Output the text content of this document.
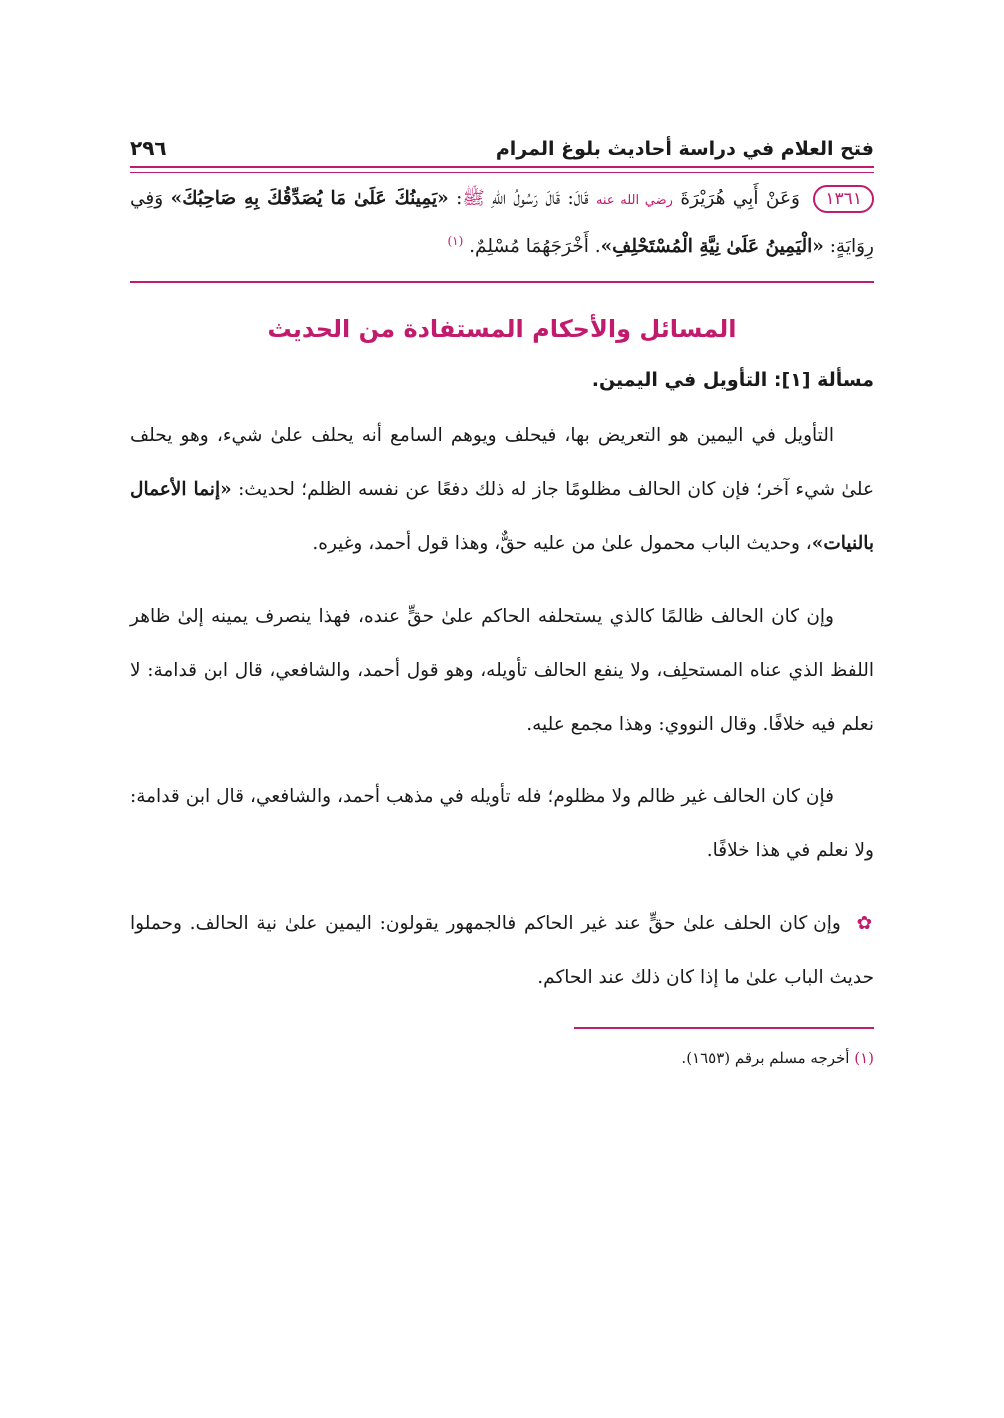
فتح العلام في دراسة أحاديث بلوغ المرام
٢٩٦
١٣٦١ وَعَنْ أَبِي هُرَيْرَةَ رضي الله عنه قَالَ: قَالَ رَسُولُ اللهِ ﷺ: «يَمِينُكَ عَلَىٰ مَا يُصَدِّقُكَ بِهِ صَاحِبُكَ» وَفِي رِوَايَةٍ: «الْيَمِينُ عَلَىٰ نِيَّةِ الْمُسْتَحْلِفِ». أَخْرَجَهُمَا مُسْلِمٌ. $^{(١)}$
المسائل والأحكام المستفادة من الحديث
مسألة [١]: التأويل في اليمين.

التأويل في اليمين هو التعريض بها، فيحلف ويوهم السامع أنه يحلف علىٰ شيء، وهو يحلف علىٰ شيء آخر؛ فإن كان الحالف مظلومًا جاز له ذلك دفعًا عن نفسه الظلم؛ لحديث: «إنما الأعمال بالنيات»، وحديث الباب محمول علىٰ من عليه حقٌّ، وهذا قول أحمد، وغيره.

وإن كان الحالف ظالمًا كالذي يستحلفه الحاكم علىٰ حقٍّ عنده، فهذا ينصرف يمينه إلىٰ ظاهر اللفظ الذي عناه المستحلِف، ولا ينفع الحالف تأويله، وهو قول أحمد، والشافعي، قال ابن قدامة: لا نعلم فيه خلافًا. وقال النووي: وهذا مجمع عليه.

فإن كان الحالف غير ظالم ولا مظلوم؛ فله تأويله في مذهب أحمد، والشافعي، قال ابن قدامة: ولا نعلم في هذا خلافًا.

✿ وإن كان الحلف علىٰ حقٍّ عند غير الحاكم فالجمهور يقولون: اليمين علىٰ نية الحالف. وحملوا حديث الباب علىٰ ما إذا كان ذلك عند الحاكم.

(١) أخرجه مسلم برقم (١٦٥٣).
